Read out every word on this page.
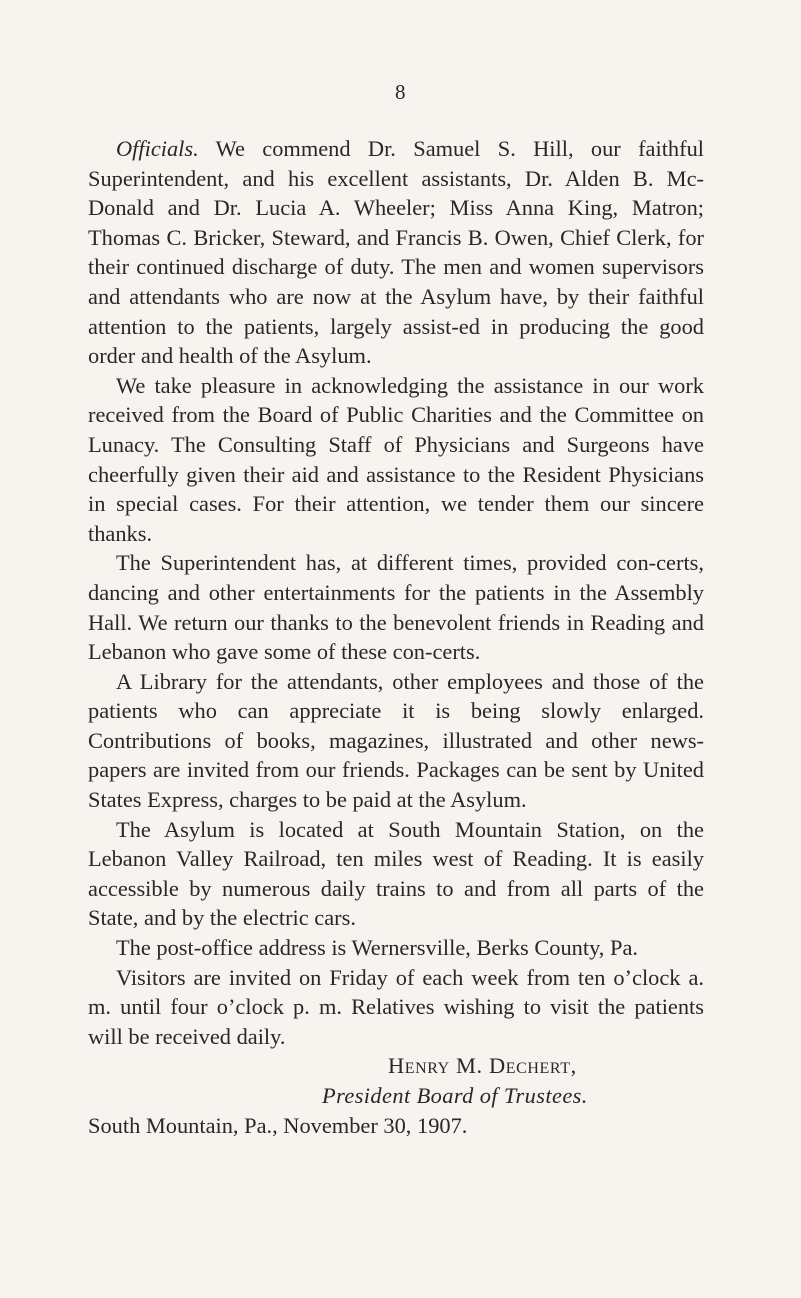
8

Officials. We commend Dr. Samuel S. Hill, our faithful Superintendent, and his excellent assistants, Dr. Alden B. Mc-Donald and Dr. Lucia A. Wheeler; Miss Anna King, Matron; Thomas C. Bricker, Steward, and Francis B. Owen, Chief Clerk, for their continued discharge of duty. The men and women supervisors and attendants who are now at the Asylum have, by their faithful attention to the patients, largely assist-ed in producing the good order and health of the Asylum.

We take pleasure in acknowledging the assistance in our work received from the Board of Public Charities and the Committee on Lunacy. The Consulting Staff of Physicians and Surgeons have cheerfully given their aid and assistance to the Resident Physicians in special cases. For their attention, we tender them our sincere thanks.

The Superintendent has, at different times, provided con-certs, dancing and other entertainments for the patients in the Assembly Hall. We return our thanks to the benevolent friends in Reading and Lebanon who gave some of these con-certs.

A Library for the attendants, other employees and those of the patients who can appreciate it is being slowly enlarged. Contributions of books, magazines, illustrated and other news-papers are invited from our friends. Packages can be sent by United States Express, charges to be paid at the Asylum.

The Asylum is located at South Mountain Station, on the Lebanon Valley Railroad, ten miles west of Reading. It is easily accessible by numerous daily trains to and from all parts of the State, and by the electric cars.

The post-office address is Wernersville, Berks County, Pa.

Visitors are invited on Friday of each week from ten o’clock a. m. until four o’clock p. m. Relatives wishing to visit the patients will be received daily.

Henry M. Dechert,

President Board of Trustees.

South Mountain, Pa., November 30, 1907.
